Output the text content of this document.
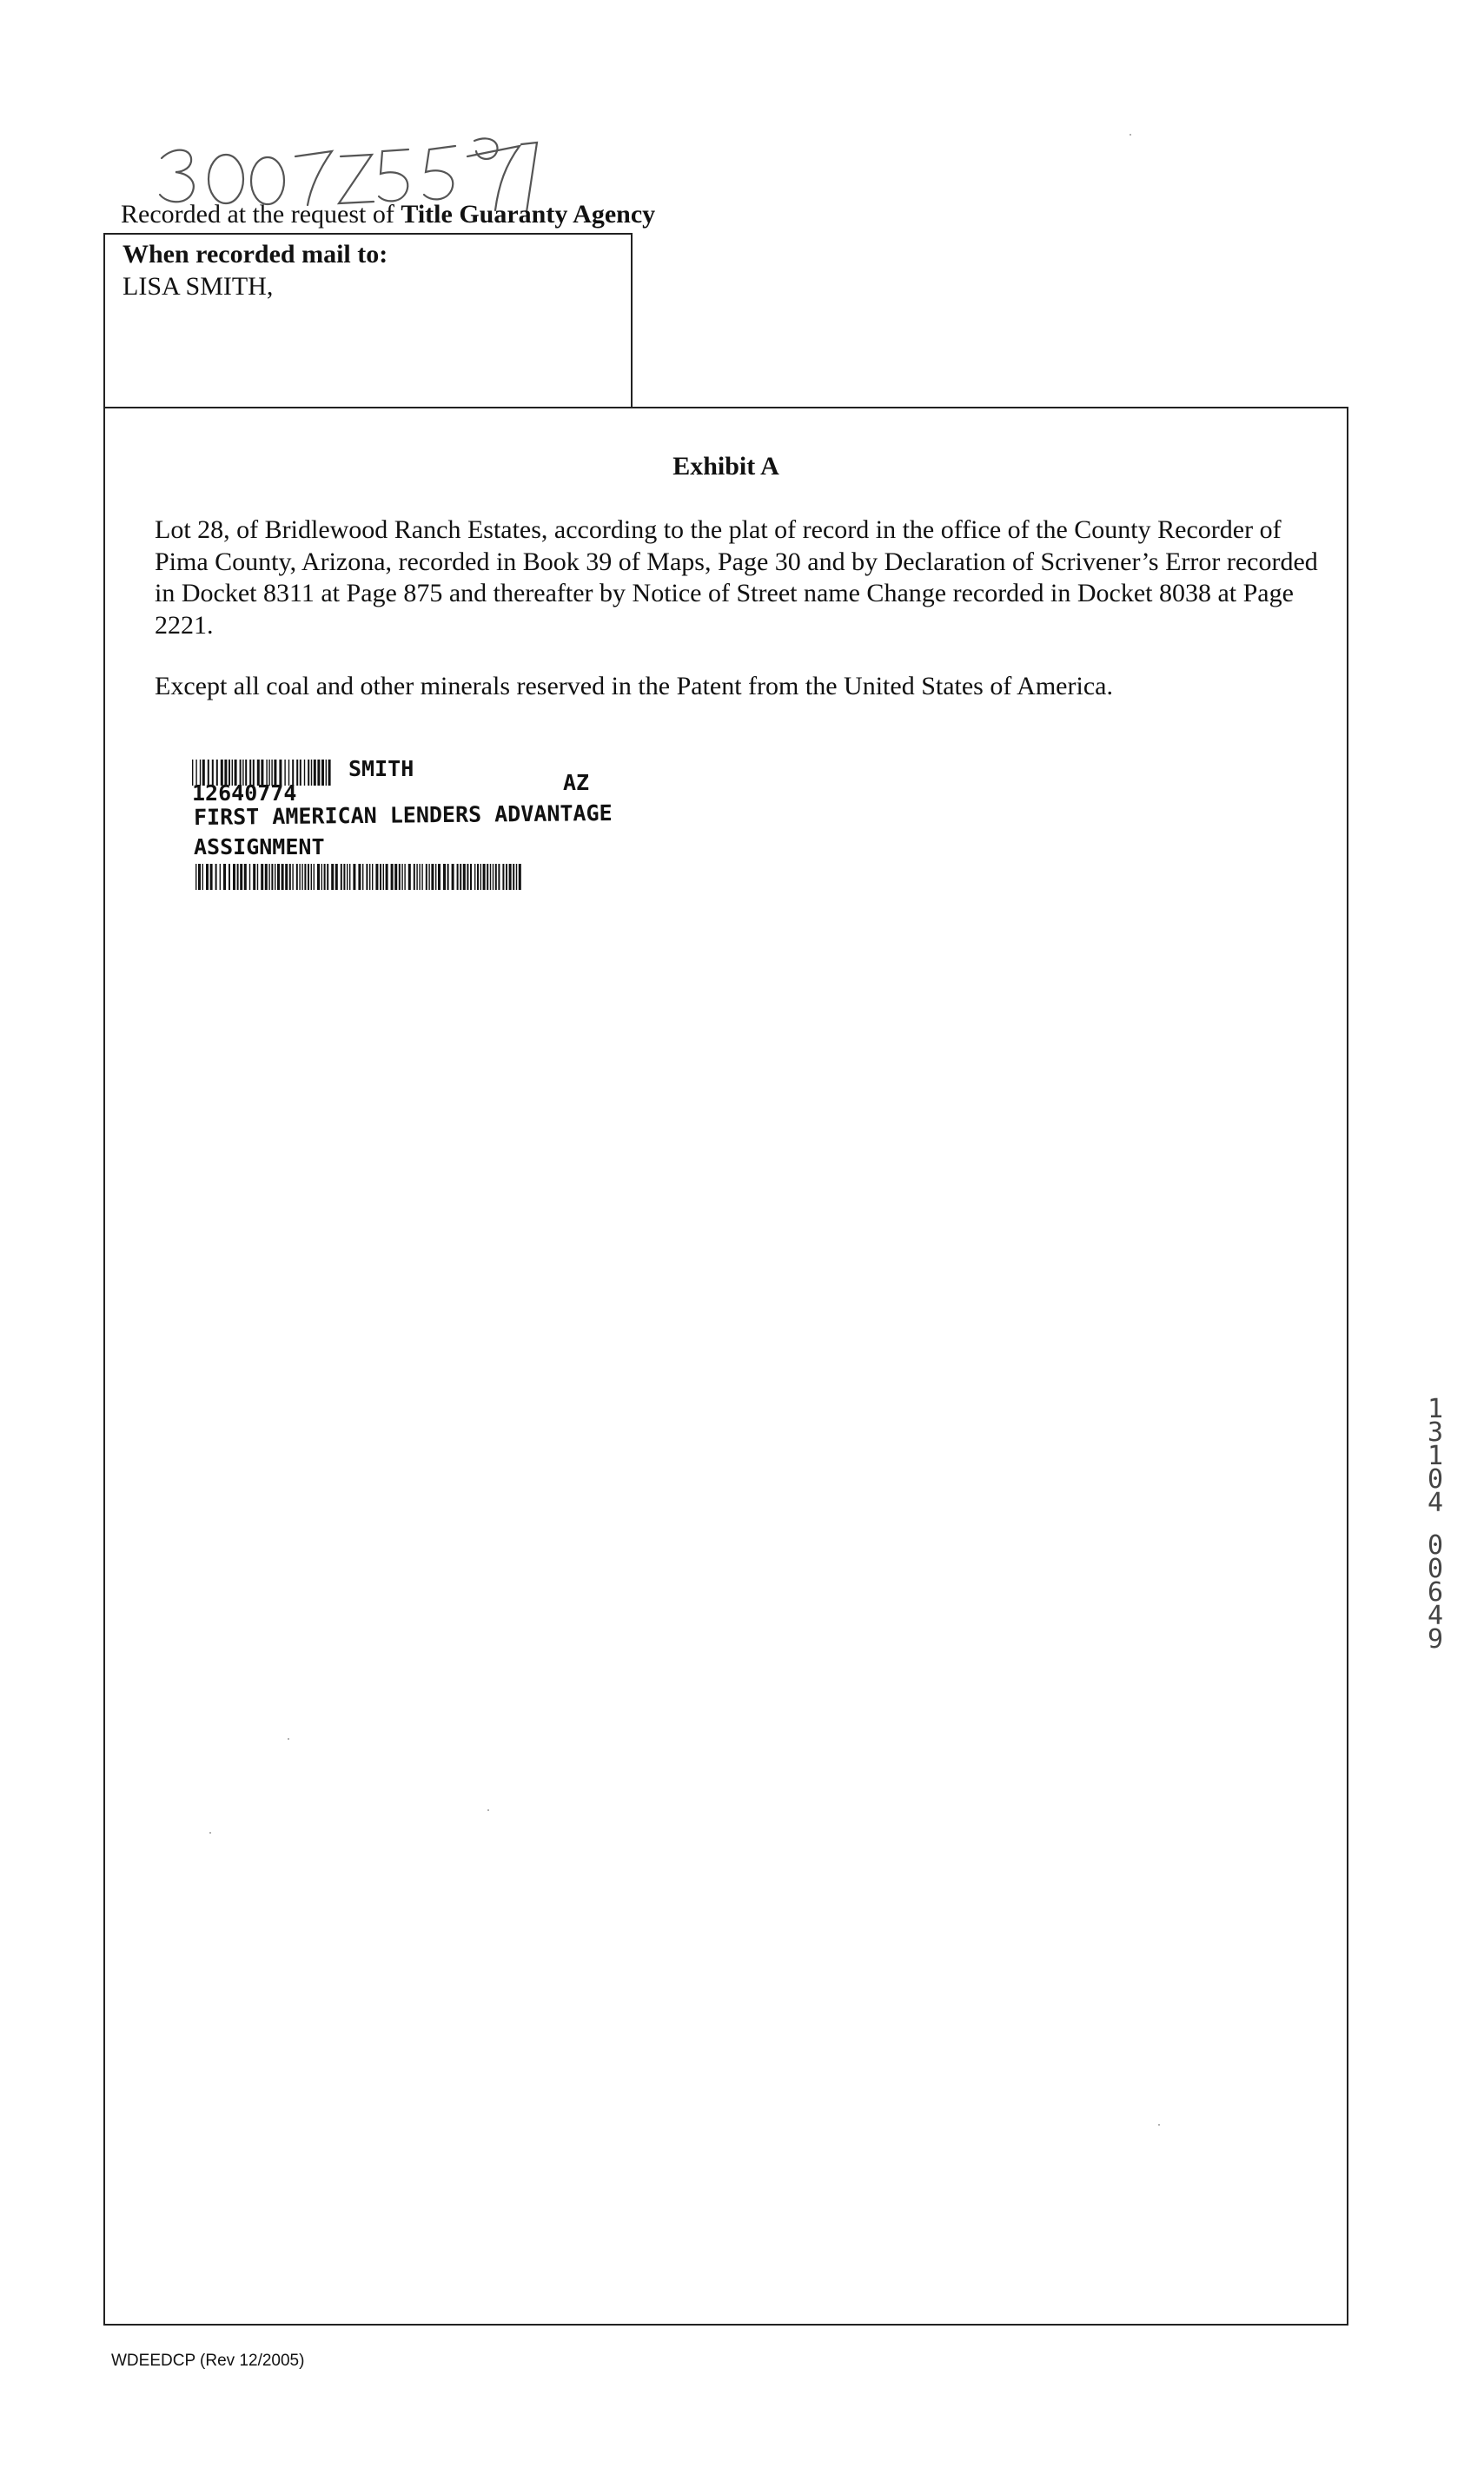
Recorded at the request of Title Guaranty Agency
When recorded mail to:
LISA SMITH,
Exhibit A

Lot 28, of Bridlewood Ranch Estates, according to the plat of record in the office of the County Recorder of Pima County, Arizona, recorded in Book 39 of Maps, Page 30 and by Declaration of Scrivener’s Error recorded in Docket 8311 at Page 875 and thereafter by Notice of Street name Change recorded in Docket 8038 at Page 2221.

Except all coal and other minerals reserved in the Patent from the United States of America.
SMITH
12640774	AZ
FIRST AMERICAN LENDERS ADVANTAGE
ASSIGNMENT
1
3
1
0
4
0
0
6
4
9
WDEEDCP (Rev 12/2005)
